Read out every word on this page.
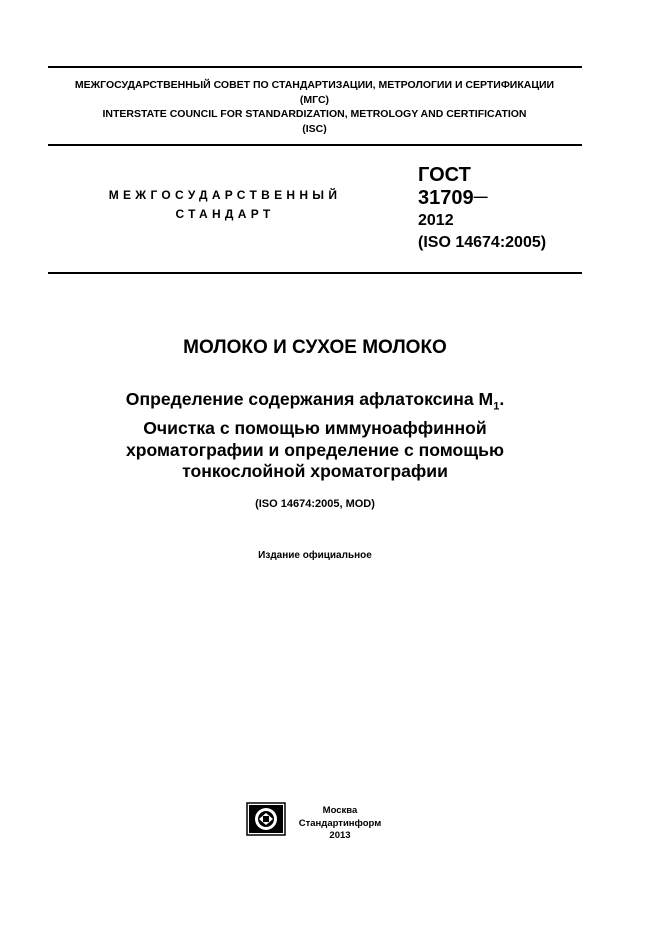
МЕЖГОСУДАРСТВЕННЫЙ СОВЕТ ПО СТАНДАРТИЗАЦИИ, МЕТРОЛОГИИ И СЕРТИФИКАЦИИ
(МГС)
INTERSTATE COUNCIL FOR STANDARDIZATION, METROLOGY AND CERTIFICATION
(ISC)
МЕЖГОСУДАРСТВЕННЫЙ
СТАНДАРТ
ГОСТ
31709—
2012
(ISO 14674:2005)
МОЛОКО И СУХОЕ МОЛОКО
Определение содержания афлатоксина $M_1$.
Очистка с помощью иммуноаффинной
хроматографии и определение с помощью
тонкослойной хроматографии
(ISO 14674:2005, MOD)
Издание официальное
Москва
Стандартинформ
2013
